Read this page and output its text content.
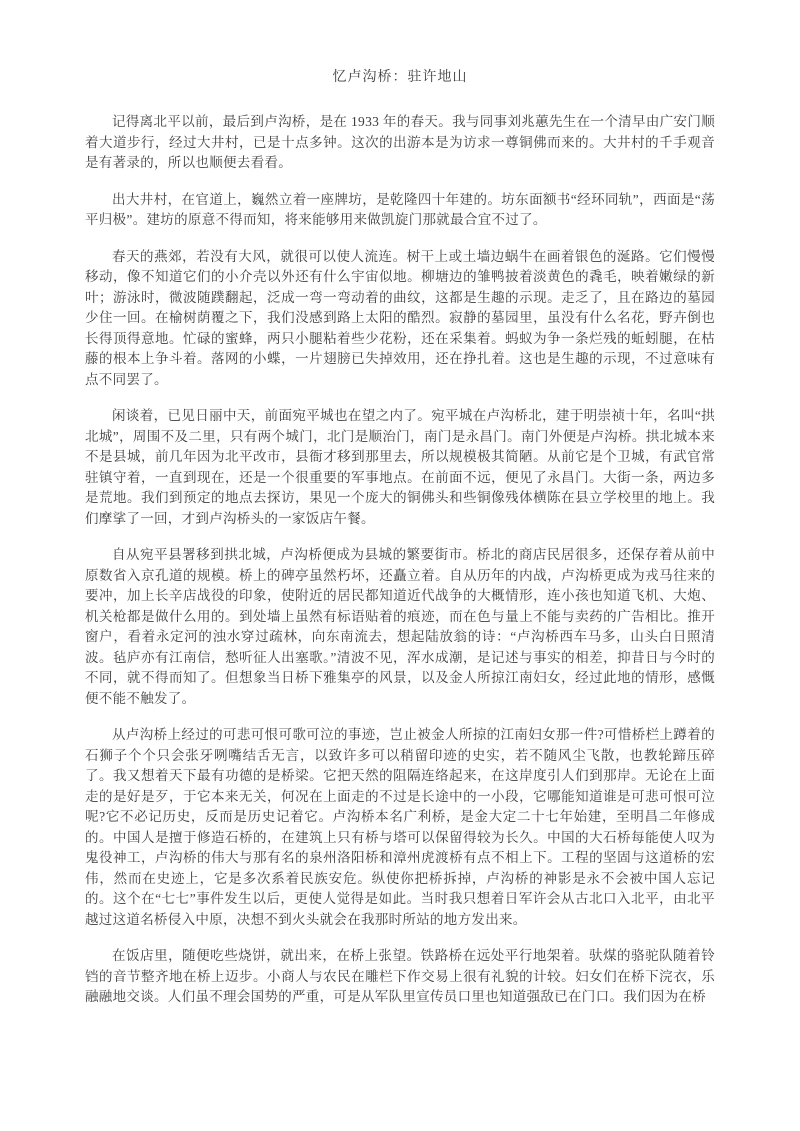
忆卢沟桥：驻许地山

记得离北平以前，最后到卢沟桥，是在 1933 年的春天。我与同事刘兆蕙先生在一个清早由广安门顺着大道步行，经过大井村，已是十点多钟。这次的出游本是为访求一尊铜佛而来的。大井村的千手观音是有著录的，所以也顺便去看看。

出大井村，在官道上，巍然立着一座牌坊，是乾隆四十年建的。坊东面额书“经环同轨”，西面是“荡平归极”。建坊的原意不得而知，将来能够用来做凯旋门那就最合宜不过了。

春天的燕郊，若没有大风，就很可以使人流连。树干上或土墙边蜗牛在画着银色的涎路。它们慢慢移动，像不知道它们的小介壳以外还有什么宇宙似地。柳塘边的雏鸭披着淡黄色的毳毛，映着嫩绿的新叶；游泳时，微波随蹼翻起，泛成一弯一弯动着的曲纹，这都是生趣的示现。走乏了，且在路边的墓园少住一回。在榆树荫覆之下，我们没感到路上太阳的酷烈。寂静的墓园里，虽没有什么名花，野卉倒也长得顶得意地。忙碌的蜜蜂，两只小腿粘着些少花粉，还在采集着。蚂蚁为争一条烂残的蚯蚓腿，在枯藤的根本上争斗着。落网的小蝶，一片翅膀已失掉效用，还在挣扎着。这也是生趣的示现，不过意味有点不同罢了。

闲谈着，已见日丽中天，前面宛平城也在望之内了。宛平城在卢沟桥北，建于明崇祯十年，名叫“拱北城”，周围不及二里，只有两个城门，北门是顺治门，南门是永昌门。南门外便是卢沟桥。拱北城本来不是县城，前几年因为北平改市，县衙才移到那里去，所以规模极其简陋。从前它是个卫城，有武官常驻镇守着，一直到现在，还是一个很重要的军事地点。在前面不远，便见了永昌门。大街一条，两边多是荒地。我们到预定的地点去探访，果见一个庞大的铜佛头和些铜像残体横陈在县立学校里的地上。我们摩挲了一回，才到卢沟桥头的一家饭店午餐。

自从宛平县署移到拱北城，卢沟桥便成为县城的繁要街市。桥北的商店民居很多，还保存着从前中原数省入京孔道的规模。桥上的碑亭虽然朽坏，还矗立着。自从历年的内战，卢沟桥更成为戎马往来的要冲，加上长辛店战役的印象，使附近的居民都知道近代战争的大概情形，连小孩也知道飞机、大炮、机关枪都是做什么用的。到处墙上虽然有标语贴着的痕迹，而在色与量上不能与卖药的广告相比。推开窗户，看着永定河的浊水穿过疏林，向东南流去，想起陆放翁的诗：“卢沟桥西车马多，山头白日照清波。毡庐亦有江南信，愁听征人出塞歌。”清波不见，浑水成潮，是记述与事实的相差，抑昔日与今时的不同，就不得而知了。但想象当日桥下雅集亭的风景，以及金人所掠江南妇女，经过此地的情形，感慨便不能不触发了。

从卢沟桥上经过的可悲可恨可歌可泣的事迹，岂止被金人所掠的江南妇女那一件?可惜桥栏上蹲着的石狮子个个只会张牙咧嘴结舌无言，以致许多可以稍留印迹的史实，若不随风尘飞散，也教轮蹄压碎了。我又想着天下最有功德的是桥梁。它把天然的阻隔连络起来，在这岸度引人们到那岸。无论在上面走的是好是歹，于它本来无关，何况在上面走的不过是长途中的一小段，它哪能知道谁是可悲可恨可泣呢?它不必记历史，反而是历史记着它。卢沟桥本名广利桥，是金大定二十七年始建，至明昌二年修成的。中国人是擅于修造石桥的，在建筑上只有桥与塔可以保留得较为长久。中国的大石桥每能使人叹为鬼役神工，卢沟桥的伟大与那有名的泉州洛阳桥和漳州虎渡桥有点不相上下。工程的坚固与这道桥的宏伟，然而在史迹上，它是多次系着民族安危。纵使你把桥拆掉，卢沟桥的神影是永不会被中国人忘记的。这个在“七七”事件发生以后，更使人觉得是如此。当时我只想着日军许会从古北口入北平，由北平越过这道名桥侵入中原，决想不到火头就会在我那时所站的地方发出来。

在饭店里，随便吃些烧饼，就出来，在桥上张望。铁路桥在远处平行地架着。驮煤的骆驼队随着铃铛的音节整齐地在桥上迈步。小商人与农民在雕栏下作交易上很有礼貌的计较。妇女们在桥下浣衣，乐融融地交谈。人们虽不理会国势的严重，可是从军队里宣传员口里也知道强敌已在门口。我们因为在桥
